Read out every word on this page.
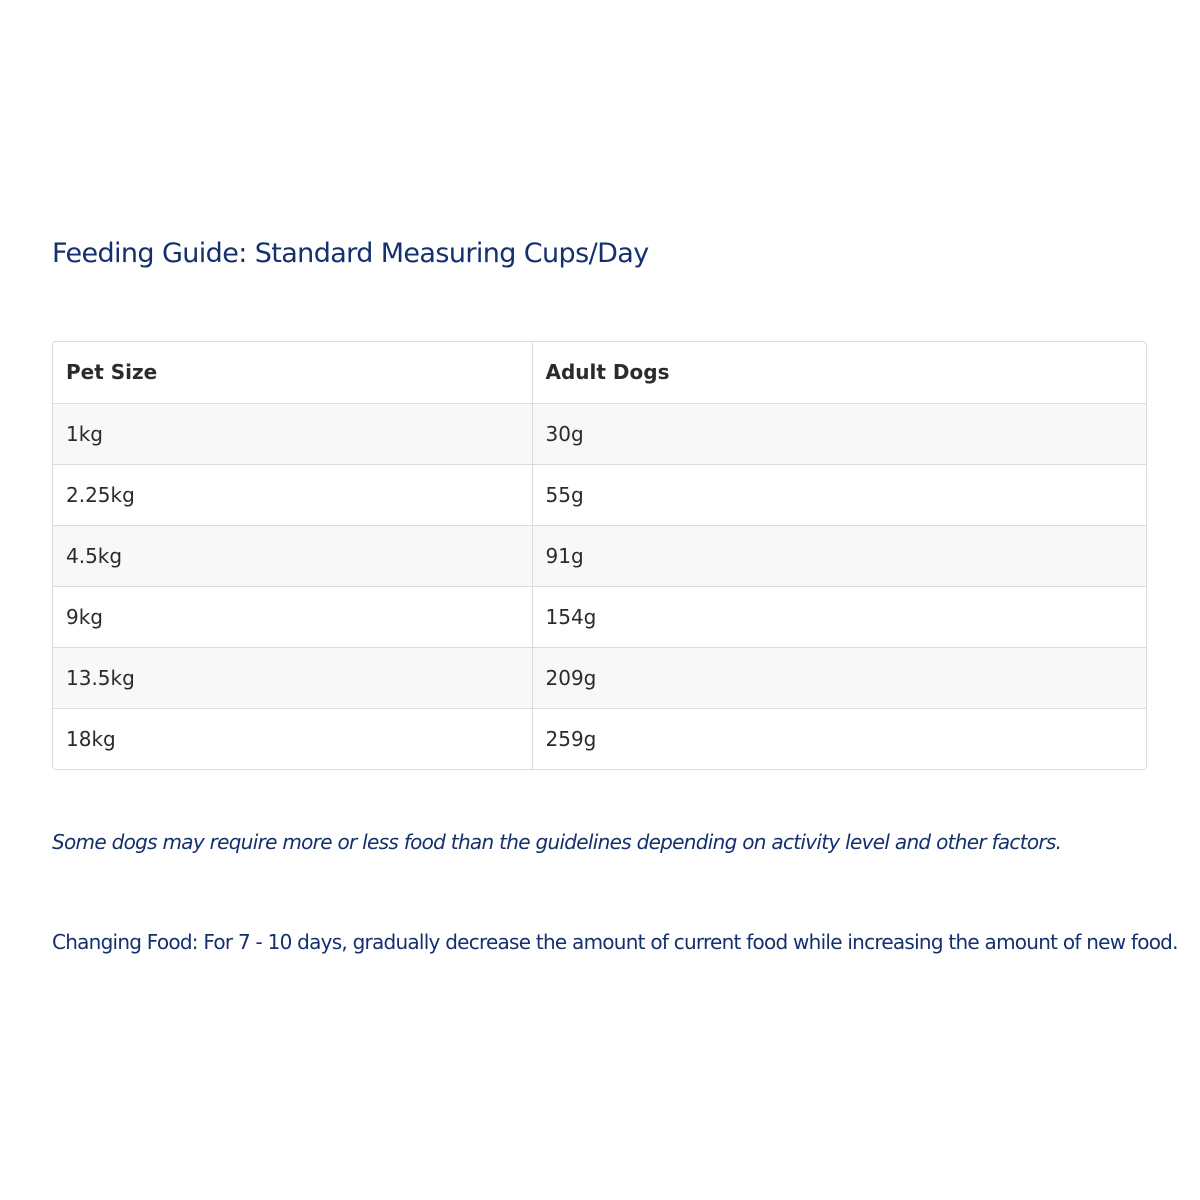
Feeding Guide: Standard Measuring Cups/Day
Pet Size	Adult Dogs
1kg	30g
2.25kg	55g
4.5kg	91g
9kg	154g
13.5kg	209g
18kg	259g

Some dogs may require more or less food than the guidelines depending on activity level and other factors.

Changing Food: For 7 - 10 days, gradually decrease the amount of current food while increasing the amount of new food.
